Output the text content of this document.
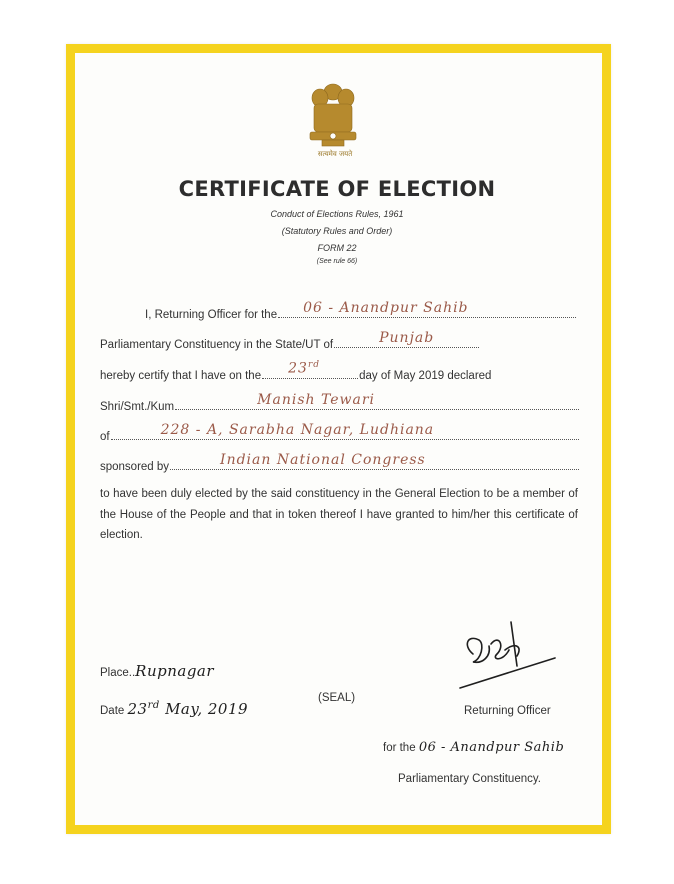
सत्यमेव जयते
CERTIFICATE OF ELECTION
Conduct of Elections Rules, 1961
(Statutory Rules and Order)
FORM 22
(See rule 66)
I, Returning Officer for the 06 - Anandpur Sahib
Parliamentary Constituency in the State/UT of	Punjab
hereby certify that I have on the 23rd
day of May 2019 declared
Shri/Smt./Kum	Manish Tewari
of	228 - A, Sarabha Nagar, Ludhiana
sponsored by	Indian National Congress
to have been duly elected by the said constituency in the General Election to be a member of the House of the People and that in token thereof I have granted to him/her this certificate of election.
Place..Rupnagar
Date 23rd May, 2019
(SEAL)
Returning Officer
for the 06 - Anandpur Sahib
Parliamentary Constituency.
